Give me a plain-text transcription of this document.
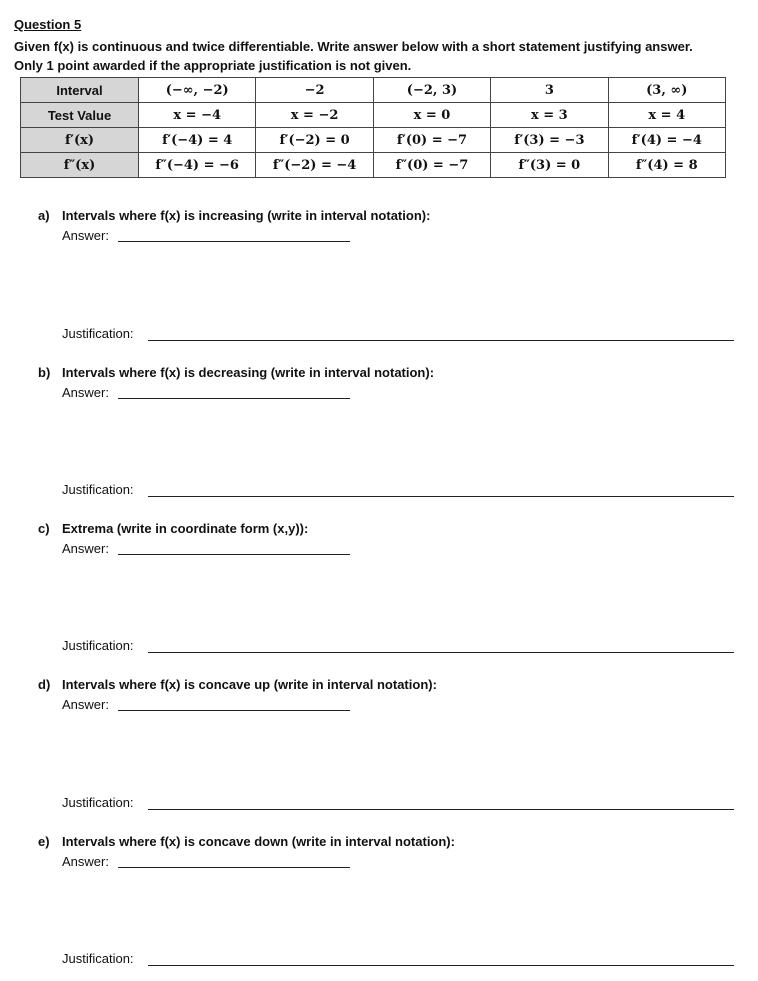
Question 5

Given f(x) is continuous and twice differentiable. Write answer below with a short statement justifying answer. Only 1 point awarded if the appropriate justification is not given.

Interval	(−∞, −2)	−2	(−2, 3)	3	(3, ∞)
Test Value	x = −4	x = −2	x = 0	x = 3	x = 4
f′(x)	f′(−4) = 4	f′(−2) = 0	f′(0) = −7	f′(3) = −3	f′(4) = −4
f″(x)	f″(−4) = −6	f″(−2) = −4	f″(0) = −7	f″(3) = 0	f″(4) = 8
a) Intervals where f(x) is increasing (write in interval notation):
Answer:
Justification:
b) Intervals where f(x) is decreasing (write in interval notation):
Answer:
Justification:
c) Extrema (write in coordinate form (x,y)):
Answer:
Justification:
d) Intervals where f(x) is concave up (write in interval notation):
Answer:
Justification:
e) Intervals where f(x) is concave down (write in interval notation):
Answer:
Justification:
